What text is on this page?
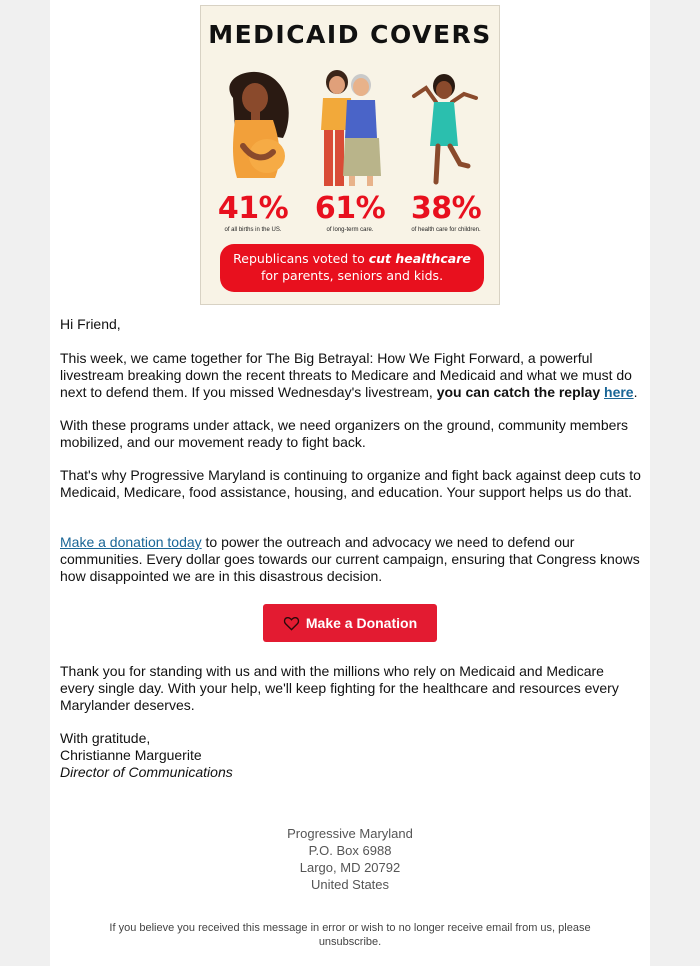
MEDICAID COVERS
41%
of all births in the US.
61%
of long-term care.
38%
of health care for children.
Republicans voted to cut healthcare
for parents, seniors and kids.
Hi Friend,

This week, we came together for The Big Betrayal: How We Fight Forward, a powerful livestream breaking down the recent threats to Medicare and Medicaid and what we must do next to defend them. If you missed Wednesday's livestream, you can catch the replay here.

With these programs under attack, we need organizers on the ground, community members mobilized, and our movement ready to fight back.
That's why Progressive Maryland is continuing to organize and fight back against deep cuts to Medicaid, Medicare, food assistance, housing, and education. Your support helps us do that.

Make a donation today to power the outreach and advocacy we need to defend our communities. Every dollar goes towards our current campaign, ensuring that Congress knows how disappointed we are in this disastrous decision.

Make a Donation
Thank you for standing with us and with the millions who rely on Medicaid and Medicare every single day. With your help, we'll keep fighting for the healthcare and resources every Marylander deserves.
With gratitude,
Christianne Marguerite
Director of Communications
Progressive Maryland
P.O. Box 6988
Largo, MD 20792
United States
If you believe you received this message in error or wish to no longer receive email from us, please unsubscribe.
